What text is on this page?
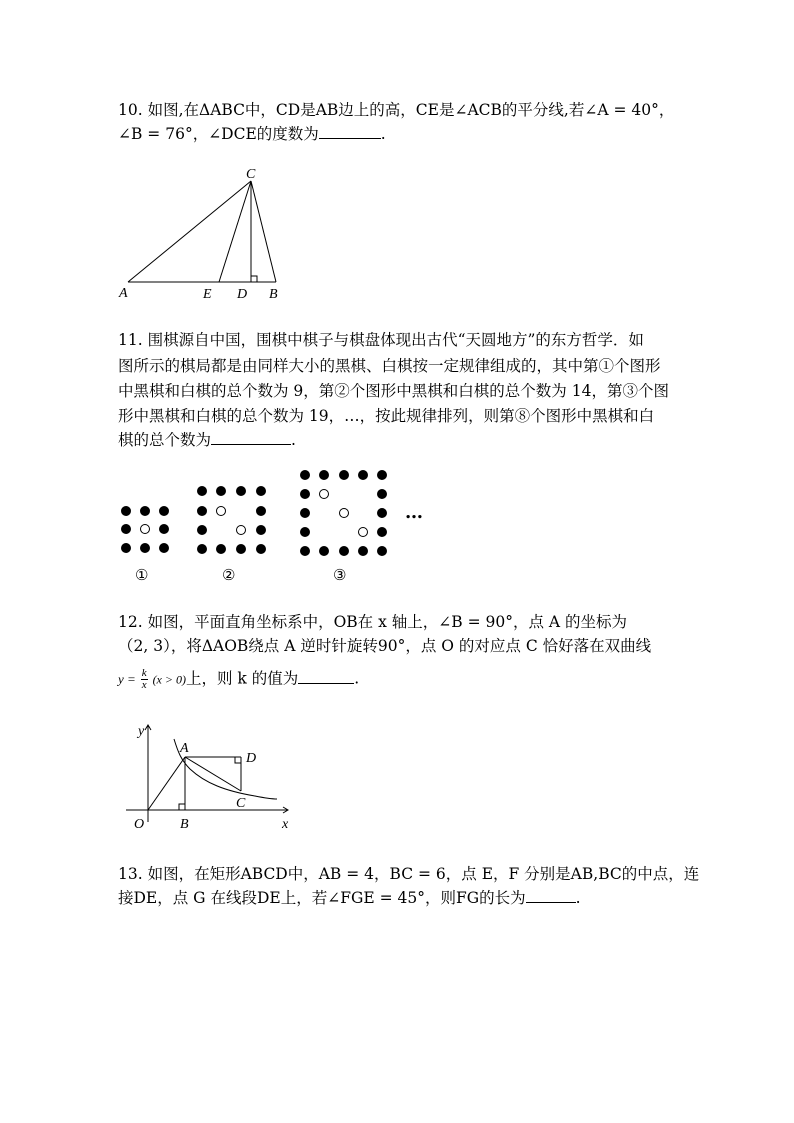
10. 如图,在ΔABC中，CD是AB边上的高，CE是∠ACB的平分线,若∠A = 40°，
∠B = 76°，∠DCE的度数为	.
C
A	E D B
11. 围棋源自中国，围棋中棋子与棋盘体现出古代“天圆地方”的东方哲学．如
图所示的棋局都是由同样大小的黑棋、白棋按一定规律组成的，其中第①个图形
中黑棋和白棋的总个数为 9，第②个图形中黑棋和白棋的总个数为 14，第③个图
形中黑棋和白棋的总个数为 19，…，按此规律排列，则第⑧个图形中黑棋和白
棋的总个数为	.
…
①	②	③
12. 如图，平面直角坐标系中，OB在 x 轴上，∠B = 90°，点 A 的坐标为
（2, 3），将ΔAOB绕点 A 逆时针旋转90°，点 O 的对应点 C 恰好落在双曲线
$y = \frac{k}{x} (x > 0)$上，则 k 的值为	.
y
x
O
A
B
C
D
13. 如图，在矩形ABCD中，AB = 4，BC = 6，点 E，F 分别是AB,BC的中点，连
接DE，点 G 在线段DE上，若∠FGE = 45°，则FG的长为	.
